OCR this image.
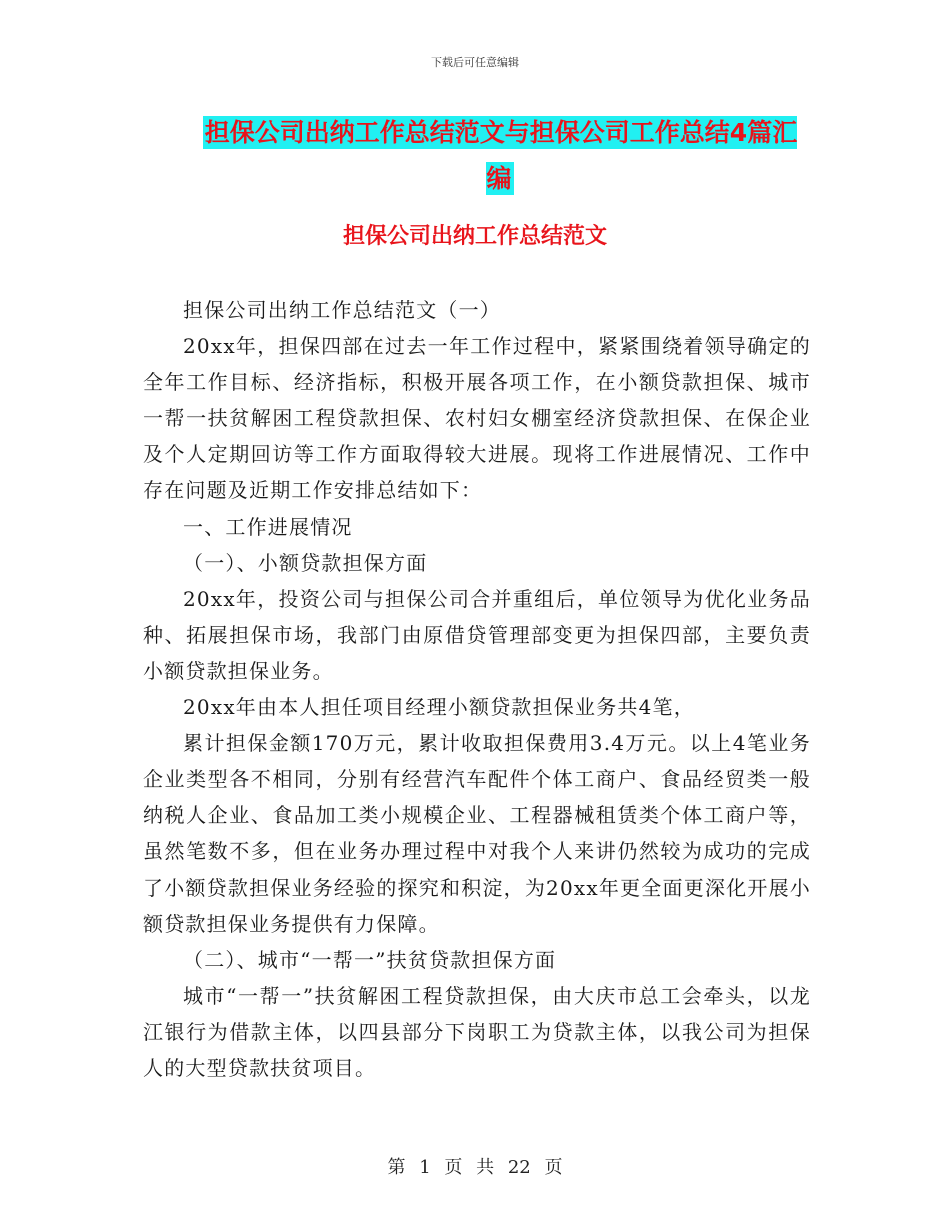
下载后可任意编辑
担保公司出纳工作总结范文与担保公司工作总结4篇汇编
担保公司出纳工作总结范文

担保公司出纳工作总结范文（一）

20xx年，担保四部在过去一年工作过程中，紧紧围绕着领导确定的全年工作目标、经济指标，积极开展各项工作，在小额贷款担保、城市一帮一扶贫解困工程贷款担保、农村妇女棚室经济贷款担保、在保企业及个人定期回访等工作方面取得较大进展。现将工作进展情况、工作中存在问题及近期工作安排总结如下：

一、工作进展情况

（一）、小额贷款担保方面

20xx年，投资公司与担保公司合并重组后，单位领导为优化业务品种、拓展担保市场，我部门由原借贷管理部变更为担保四部，主要负责小额贷款担保业务。

20xx年由本人担任项目经理小额贷款担保业务共4笔，

累计担保金额170万元，累计收取担保费用3.4万元。以上4笔业务企业类型各不相同，分别有经营汽车配件个体工商户、食品经贸类一般纳税人企业、食品加工类小规模企业、工程器械租赁类个体工商户等，虽然笔数不多，但在业务办理过程中对我个人来讲仍然较为成功的完成了小额贷款担保业务经验的探究和积淀，为20xx年更全面更深化开展小额贷款担保业务提供有力保障。

（二）、城市“一帮一”扶贫贷款担保方面

城市“一帮一”扶贫解困工程贷款担保，由大庆市总工会牵头，以龙江银行为借款主体，以四县部分下岗职工为贷款主体，以我公司为担保人的大型贷款扶贫项目。

第 1 页 共 22 页
